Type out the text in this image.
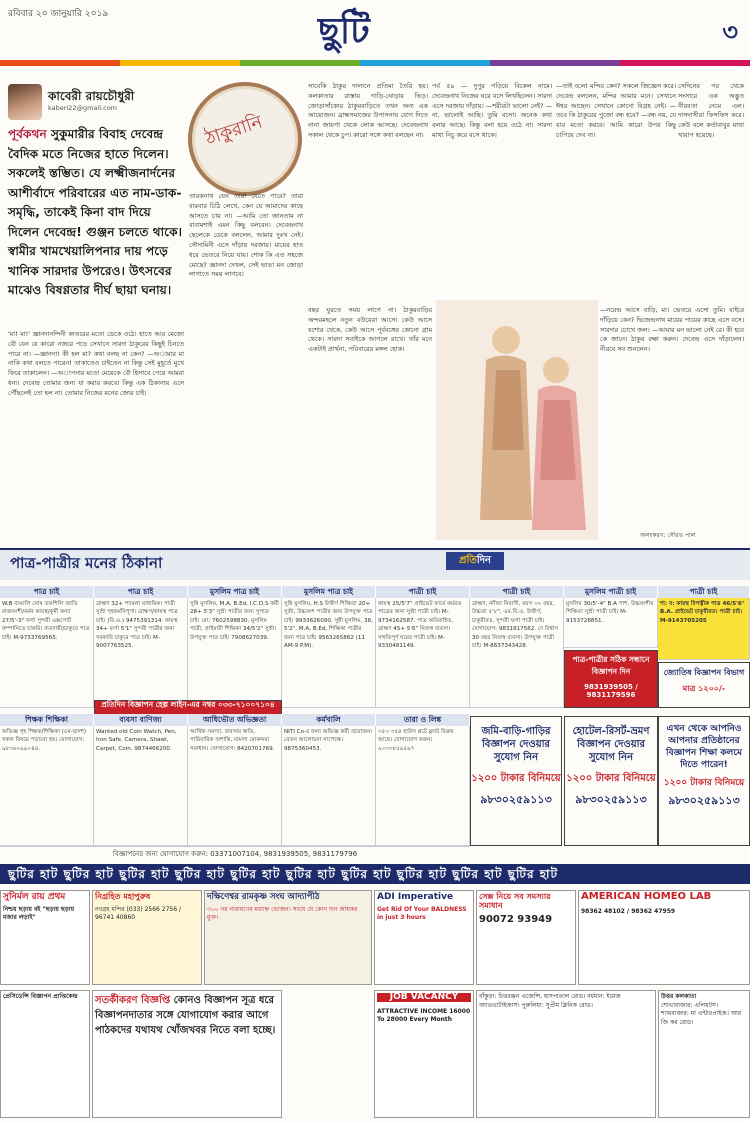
রবিবার ২০ জানুয়ারি ২০১৯	ছুটি	৩
কাবেরী রায়চৌধুরী
kaberi22@gmail.com
পূর্বকথন সুকুমারীর বিবাহ দেবেন্দ্র বৈদিক মতে নিজের হাতে দিলেন। সকলেই স্তম্ভিত। যে লক্ষ্মীজনার্দনের আশীর্বাদে পরিবারের এত নাম-ডাক-সমৃদ্ধি, তাকেই কিনা বাদ দিয়ে দিলেন দেবেন্দ্র! গুঞ্জন চলতে থাকে। স্বামীর খামখেয়ালিপনার দায় পড়ে খানিক সারদার উপরেও। উৎসবের মাঝেও বিষণ্ণতার দীর্ঘ ছায়া ঘনায়।
ঠাকুরানি
'মা! মা!' জ্ঞানদানন্দিনী কাতরের মতো ডেকে ওঠে। হাতে আর মেজো বৌ যেন যে কারো নজরে পড়ে সেখানে সারদা ঠাকুরের কিছুই চিনতে পারে না। —জ্ঞানদা! কী হল মা? কথা বলছ না কেন? —অামার মা নাকি কথা বলতে পারেন! তাকাতেও চাইতেন না কিন্তু সেই মুহূর্তে মুখে ফিরে তাকালেন। —অাপনার মতো মেয়েকে বৌ হিসাবে পেয়ে আমরা ধন্য। দেবেন্দ্র তোমার জন্য যা করার করবে। কিন্তু এক ঠিকানায় এসে পৌঁছলেই তো হল না। তোমার নিজের মনের জোর চাই।
তারকনাথ যেন তারা যেতে পারে? তারা বারবার চিঠি লেখে, কেন যে আমাদের কাছে আসতে চায় না। —আমি তো জানতাম না বাবামশাই এমন কিছু বলবেন। দেবেন্দ্রনাথ ছেলেকে ডেকে বললেন, আমার দুঃখ নেই। সৌদামিনী এসে দাঁড়ায় দরজায়। মায়ের হাত ধরে ভেতরে নিয়ে যায়। শোক কি এত সহজে মোছে? জ্ঞানদা দেখল, সেই ভাঙা মন জোড়া লাগাতে সময় লাগবে।
সাবেকি ঠাকুর দালানে প্রতিমা তৈরি হয়। কলকাতার রাস্তায় গাড়ি-ঘোড়ার ভিড়। জোড়াসাঁকোর ঠাকুরবাড়িতে তখন অন্য এক আয়োজন। ব্রাহ্মসমাজের উপাসনায় যোগ দিতে নানা জায়গা থেকে লোক আসছে। দেবেন্দ্রনাথ সকাল থেকে চুপ। কারো সঙ্গে কথা বলছেন না।
পর্ব ৫৯ — দুপুর গড়িয়ে বিকেল নামে। দেবেন্দ্রনাথ নিজের ঘরে বসে লিখছিলেন। সারদা এসে দরজায় দাঁড়ায়। —শরীরটা ভালো নেই? —না, ভালোই আছি। তুমি বসো। অনেক কথা বলার আছে। কিন্তু বলা হয়ে ওঠে না। সারদা মাথা নিচু করে বসে থাকে।
—তাই বলে! মন্দির কেন? সকলে জিজ্ঞেস করে। দেবেন্দ্র বললেন, মন্দির আমার মনে। সেখানে ঈশ্বর আছেন। সেখানে কোনো বিগ্রহ নেই। —তবে কি ঠাকুরের পুজো বন্ধ হবে? —বন্ধ নয়, যে যার মতো করবে। আমি কারো উপর কিছু চাপিয়ে দেব না।
সেদিনের পর থেকে সংসারে এক অদ্ভুত নীরবতা নেমে এল। দাসদাসীরা ফিসফিস করে। কেউ বলে কর্তাবাবুর মাথা খারাপ হয়েছে।
বছর ঘুরতে সময় লাগে না। ঠাকুরবাড়ির অন্দরমহলে নতুন বউয়েরা আসে। কেউ আসে যশোর থেকে, কেউ আসে পূর্ববঙ্গের কোনো গ্রাম থেকে। সারদা সবাইকে আগলে রাখে। তাঁর মনে একটাই প্রার্থনা, পরিবারের মঙ্গল হোক।
—নরেন্দ্র আসে বাড়ি, মা। ভেতরে এসো তুমি। বাইরে দাঁড়িয়ে কেন? দ্বিজেন্দ্রনাথ মায়ের পায়ের কাছে এসে বসে। সারদার চোখে জল। —আমার মন ভালো নেই রে। কী হবে কে জানে। ঠাকুর রক্ষা করুন। দেবেন্দ্র এসে দাঁড়ালেন। নীরবে সব শুনলেন।
অলংকরণ: সৌরভ পাল
পাত্র-পাত্রীর মনের ঠিকানা	প্রতিদিন
পাত্র চাই	পাত্র চাই	মুসলিম পাত্র চাই	মুসলিম পাত্র চাই	পাত্রী চাই	পাত্রী চাই	মুসলিম পাত্রী চাই	পাত্রী চাই
W.B বাঙালি ঘোষ তফশিলি জাতি রাজবংশী/বর্মন কায়স্থ/কুর্মী কন্যা 27/5'-3" ফর্সা সুন্দরী এক্সপোর্ট কম্পানিতে চাকরি। ব্যবসায়ী/চাকুরে পাত্র চাই। M-9733769565.
ব্রাহ্মণ 32+ শ্যামলা মাধ্যমিক। পাত্রী সুশ্রী গৃহকর্মনিপুণা। ব্রাহ্মণ/কায়স্থ পাত্র চাই। (বি.ও.) 9475391314. কায়স্থ 34+ ফর্সা 5'1" সুন্দরী পাত্রীর জন্য সরকারি চাকুরে পাত্র চাই। M-9007763525.
সুন্নি মুসলিম, M.A, B.Ed, I.C.D.S কর্মী 28+ 5'3" সুশ্রী পাত্রীর জন্য সুপাত্র চাই। মো: 7602598830. মুসলিম পাত্রী, প্রাইমারী শিক্ষিকা 34/5'2" সুশ্রী। উপযুক্ত পাত্র চাই। 7908627039.
সুন্নি মুসলিম, H.S উত্তীর্ণ শিক্ষিতা 20+ সুশ্রী, উচ্চবংশ পাত্রীর জন্য উপযুক্ত পাত্র চাই। 9933626090. সুন্নী মুসলিম, 38, 5'2", M.A, B.Ed, শিক্ষিকা পাত্রীর জন্য পাত্র চাই। 9563265862 (11 AM-9 P.M).
কায়স্থ 25/5'7" প্রাইভেট ফার্মে কর্মরত পাত্রের জন্য সুশ্রী পাত্রী চাই। M-9734162587. পাত্র অবিবাহিত, ব্রাহ্মণ 45+ 5'6" নিজস্ব ব্যবসা। সঙ্গতিপূর্ণ ঘরের পাত্রী চাই। M-9330481149.
ব্রাহ্মণ, নদীয়া নিবাসী, বয়স ৩০ বছর, উচ্চতা ৫'৮", এম.বি.এ. উত্তীর্ণ, চাকুরীরত, সুন্দরী ফর্সা পাত্রী চাই। যোগাযোগ: 9831917562. দে বিশ্বাস 30 বছর নিজস্ব ব্যবসা। উপযুক্ত পাত্রী চাই। M-8637343428.
মুসলিম 30/5'-4" B.A পাশ, উচ্চবংশীয় শিক্ষিতা সুশ্রী পাত্রী চাই। M-9153728851.
শা: ব: কায়স্থ বিপত্নীক পাত্র 46/5'6" B.A. প্রাইভেট চাকুরীরত। পাত্রী চাই। M-9143705205
প্রতিদিন বিজ্ঞাপন হেল্প লাইন-এর নম্বর ০৩৩-৭১০০৭১০৪
পাত্র-পাত্রীর সঠিক সন্ধানে বিজ্ঞাপন দিন
9831939505 / 9831179596
জ্যোতিষ বিজ্ঞাপন বিভাগ
মাত্র ১২০০/-
শিক্ষক শিক্ষিকা	ব্যবসা বাণিজ্য	আধিভৌত অভিজ্ঞতা	কর্মখালি	তারা ও লিঙ্ক
অভিজ্ঞ গৃহ শিক্ষক/শিক্ষিকা (৫ম-দ্বাদশ) সকল বিষয়ে পড়ানো হয়। যোগাযোগ: ৯৮৩৬০৯৯০৪৪.
Wanted old Coin Watch, Pen, Iron Safe, Camera, Shawl, Carpet, Coin. 9874466200.
আর্থিক সমস্যা, বাবসায় ক্ষতি, পারিবারিক অশান্তি, মামলা মোকদ্দমা সমাধান। যোগাযোগ: 8420701769.
NITI Co-র জন্য অভিজ্ঞ কর্মী প্রয়োজন। বেতন আলোচনা সাপেক্ষে। 9875360453.
৩৫৩ ৩৫৪ হাউস প্লটে ফ্ল্যাট বিক্রয় আছে। যোগাযোগ করুন। ৯০৩৩৮৫৯৫৯৭
জমি-বাড়ি-গাড়ির বিজ্ঞাপন দেওয়ার সুযোগ নিন
১২০০ টাকার বিনিময়ে
৯৮৩০২৫৯১১৩
হোটেল-রিসর্ট-ভ্রমণ বিজ্ঞাপন দেওয়ার সুযোগ নিন
১২০০ টাকার বিনিময়ে
৯৮৩০২৫৯১১৩
এখন থেকে আপনিও আপনার প্রতিষ্ঠানের বিজ্ঞাপন শিক্ষা কলমে দিতে পারেন!
১২০০ টাকার বিনিময়ে
৯৮৩০২৫৯১১৩
বিজ্ঞাপনের জন্য যোগাযোগ করুন: 03371007104, 9831939505, 9831179796
ছুটির হাট ছুটির হাট ছুটির হাট ছুটির হাট ছুটির হাট ছুটির হাট ছুটির হাট ছুটির হাট ছুটির হাট ছুটির হাট
সুনির্মল রায় প্রথম
নিশ্চয় ছড়ায় বই "ছড়ায় ছড়ায় মজার লড়াই"
নিগ্রহিত মহাপুরুষ
নবগ্রহ মন্দির (033) 2566 2756 / 96741 40860
দক্ষিণেশ্বর রামকৃষ্ণ সংঘ আদ্যাপীঠ
৩০০ নর নারায়ণের মধ্যাহ্ন ভোজন। সংঘে যে কোন দান আয়কর মুক্ত।
ADI Imperative
Get Rid Of Your BALDNESS in just 3 hours
সেক্স নিয়ে সব সমস্যার সমাধান
90072 93949
AMERICAN HOMEO LAB
98362 48102 / 98362 47959
প্রেসিডেন্সি বিজ্ঞাপন প্রাপ্তিকেন্দ্র	সতর্কীকরণ বিজ্ঞপ্তি কোনও বিজ্ঞাপন সূত্র ধরে বিজ্ঞাপনদাতার সঙ্গে যোগাযোগ করার আগে পাঠকদের যথাযথ খোঁজখবর নিতে বলা হচ্ছে।
JOB VACANCY
ATTRACTIVE INCOME 16000 To 28000 Every Month
বাঁকুড়া: চিত্তরঞ্জন এজেন্সি, হাসপাতাল রোড। বর্ধমান: ইমেজ অ্যাডভার্টাইজার্স। পুরুলিয়া: সুপ্রীম ক্লিনিক রোড।
উত্তর কলকাতা
শোভাবাজার: এলিয়টস। শ্যামবাজার: মা এন্টারপ্রাইজ। আর জি কর রোড।
